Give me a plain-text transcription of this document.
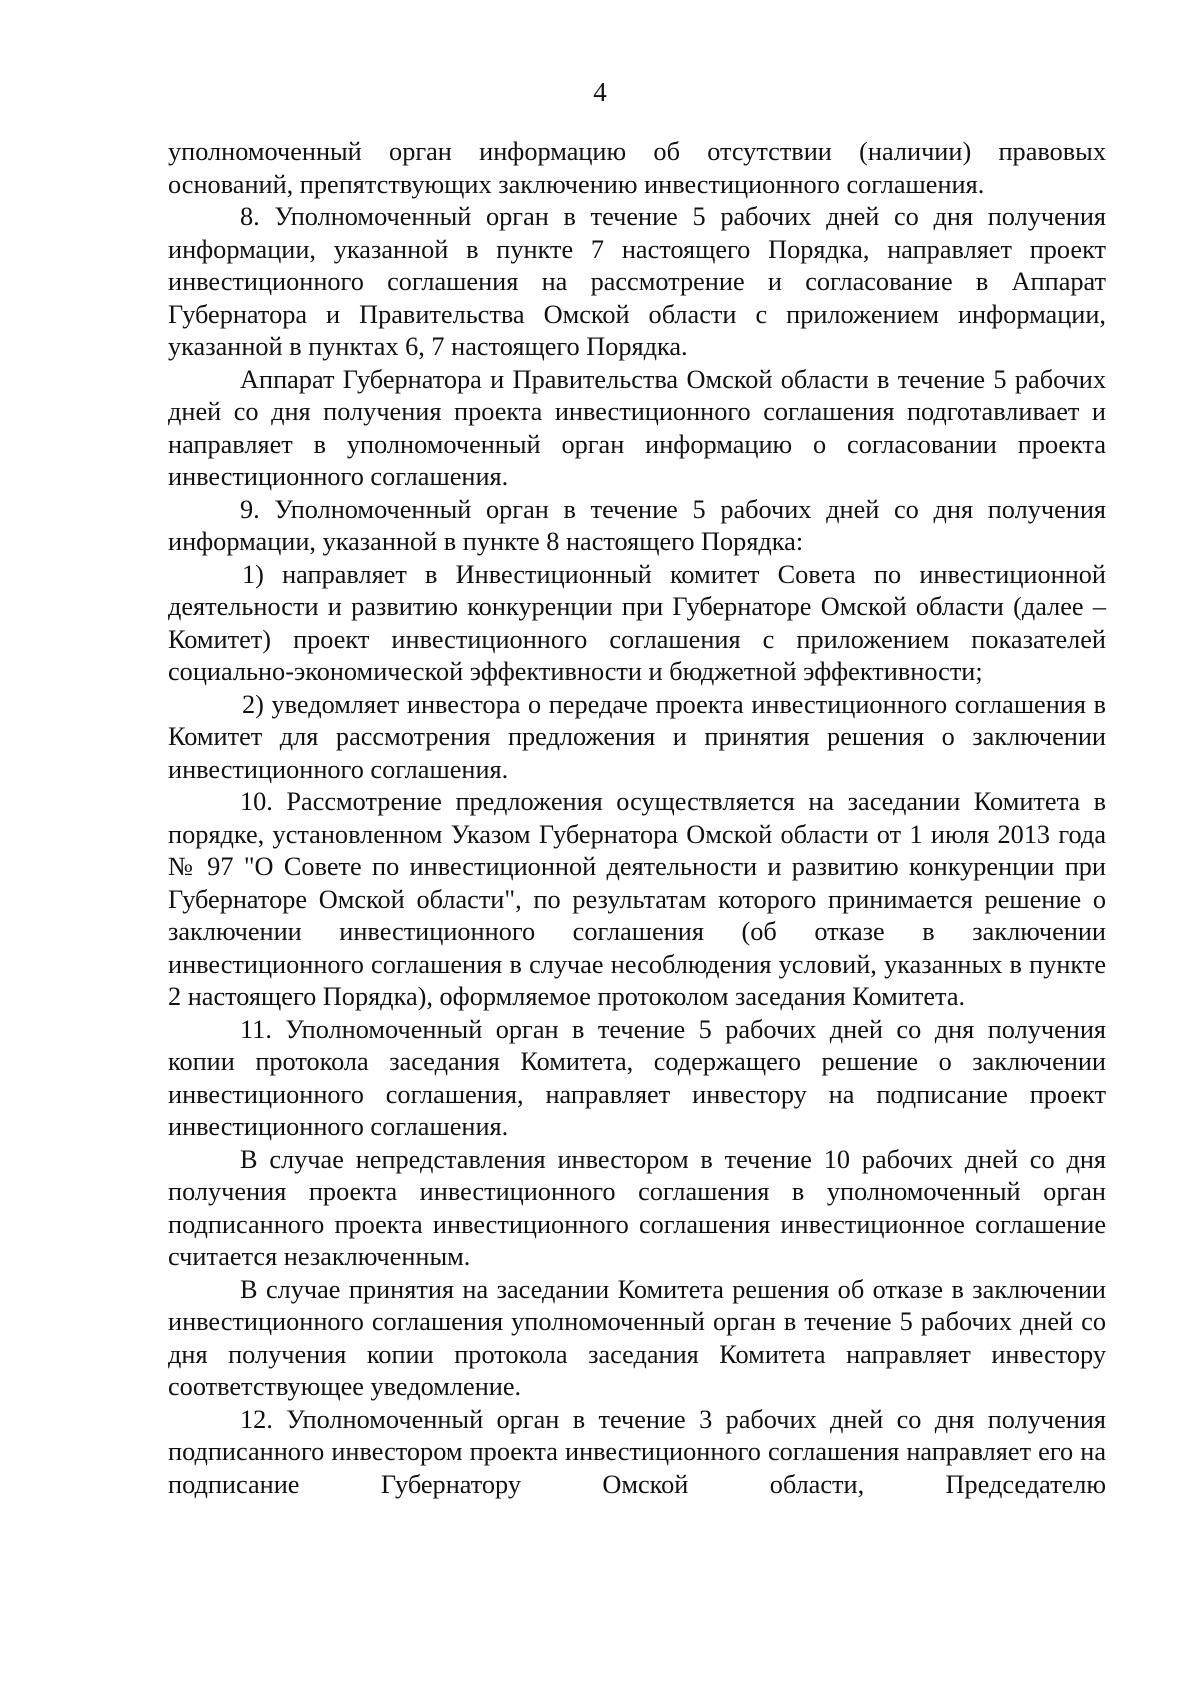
4

уполномоченный орган информацию об отсутствии (наличии) правовых оснований, препятствующих заключению инвестиционного соглашения.

8. Уполномоченный орган в течение 5 рабочих дней со дня получения информации, указанной в пункте 7 настоящего Порядка, направляет проект инвестиционного соглашения на рассмотрение и согласование в Аппарат Губернатора и Правительства Омской области с приложением информации, указанной в пунктах 6, 7 настоящего Порядка.

Аппарат Губернатора и Правительства Омской области в течение 5 рабочих дней со дня получения проекта инвестиционного соглашения подготавливает и направляет в уполномоченный орган информацию о согласовании проекта инвестиционного соглашения.

9. Уполномоченный орган в течение 5 рабочих дней со дня получения информации, указанной в пункте 8 настоящего Порядка:

1) направляет в Инвестиционный комитет Совета по инвестиционной деятельности и развитию конкуренции при Губернаторе Омской области (далее – Комитет) проект инвестиционного соглашения с приложением показателей социально-экономической эффективности и бюджетной эффективности;

2) уведомляет инвестора о передаче проекта инвестиционного соглашения в Комитет для рассмотрения предложения и принятия решения о заключении инвестиционного соглашения.

10. Рассмотрение предложения осуществляется на заседании Комитета в порядке, установленном Указом Губернатора Омской области от 1 июля 2013 года № 97 "О Совете по инвестиционной деятельности и развитию конкуренции при Губернаторе Омской области", по результатам которого принимается решение о заключении инвестиционного соглашения (об отказе в заключении инвестиционного соглашения в случае несоблюдения условий, указанных в пункте 2 настоящего Порядка), оформляемое протоколом заседания Комитета.

11. Уполномоченный орган в течение 5 рабочих дней со дня получения копии протокола заседания Комитета, содержащего решение о заключении инвестиционного соглашения, направляет инвестору на подписание проект инвестиционного соглашения.

В случае непредставления инвестором в течение 10 рабочих дней со дня получения проекта инвестиционного соглашения в уполномоченный орган подписанного проекта инвестиционного соглашения инвестиционное соглашение считается незаключенным.

В случае принятия на заседании Комитета решения об отказе в заключении инвестиционного соглашения уполномоченный орган в течение 5 рабочих дней со дня получения копии протокола заседания Комитета направляет инвестору соответствующее уведомление.

12. Уполномоченный орган в течение 3 рабочих дней со дня получения подписанного инвестором проекта инвестиционного соглашения направляет его на подписание Губернатору Омской области, Председателю
